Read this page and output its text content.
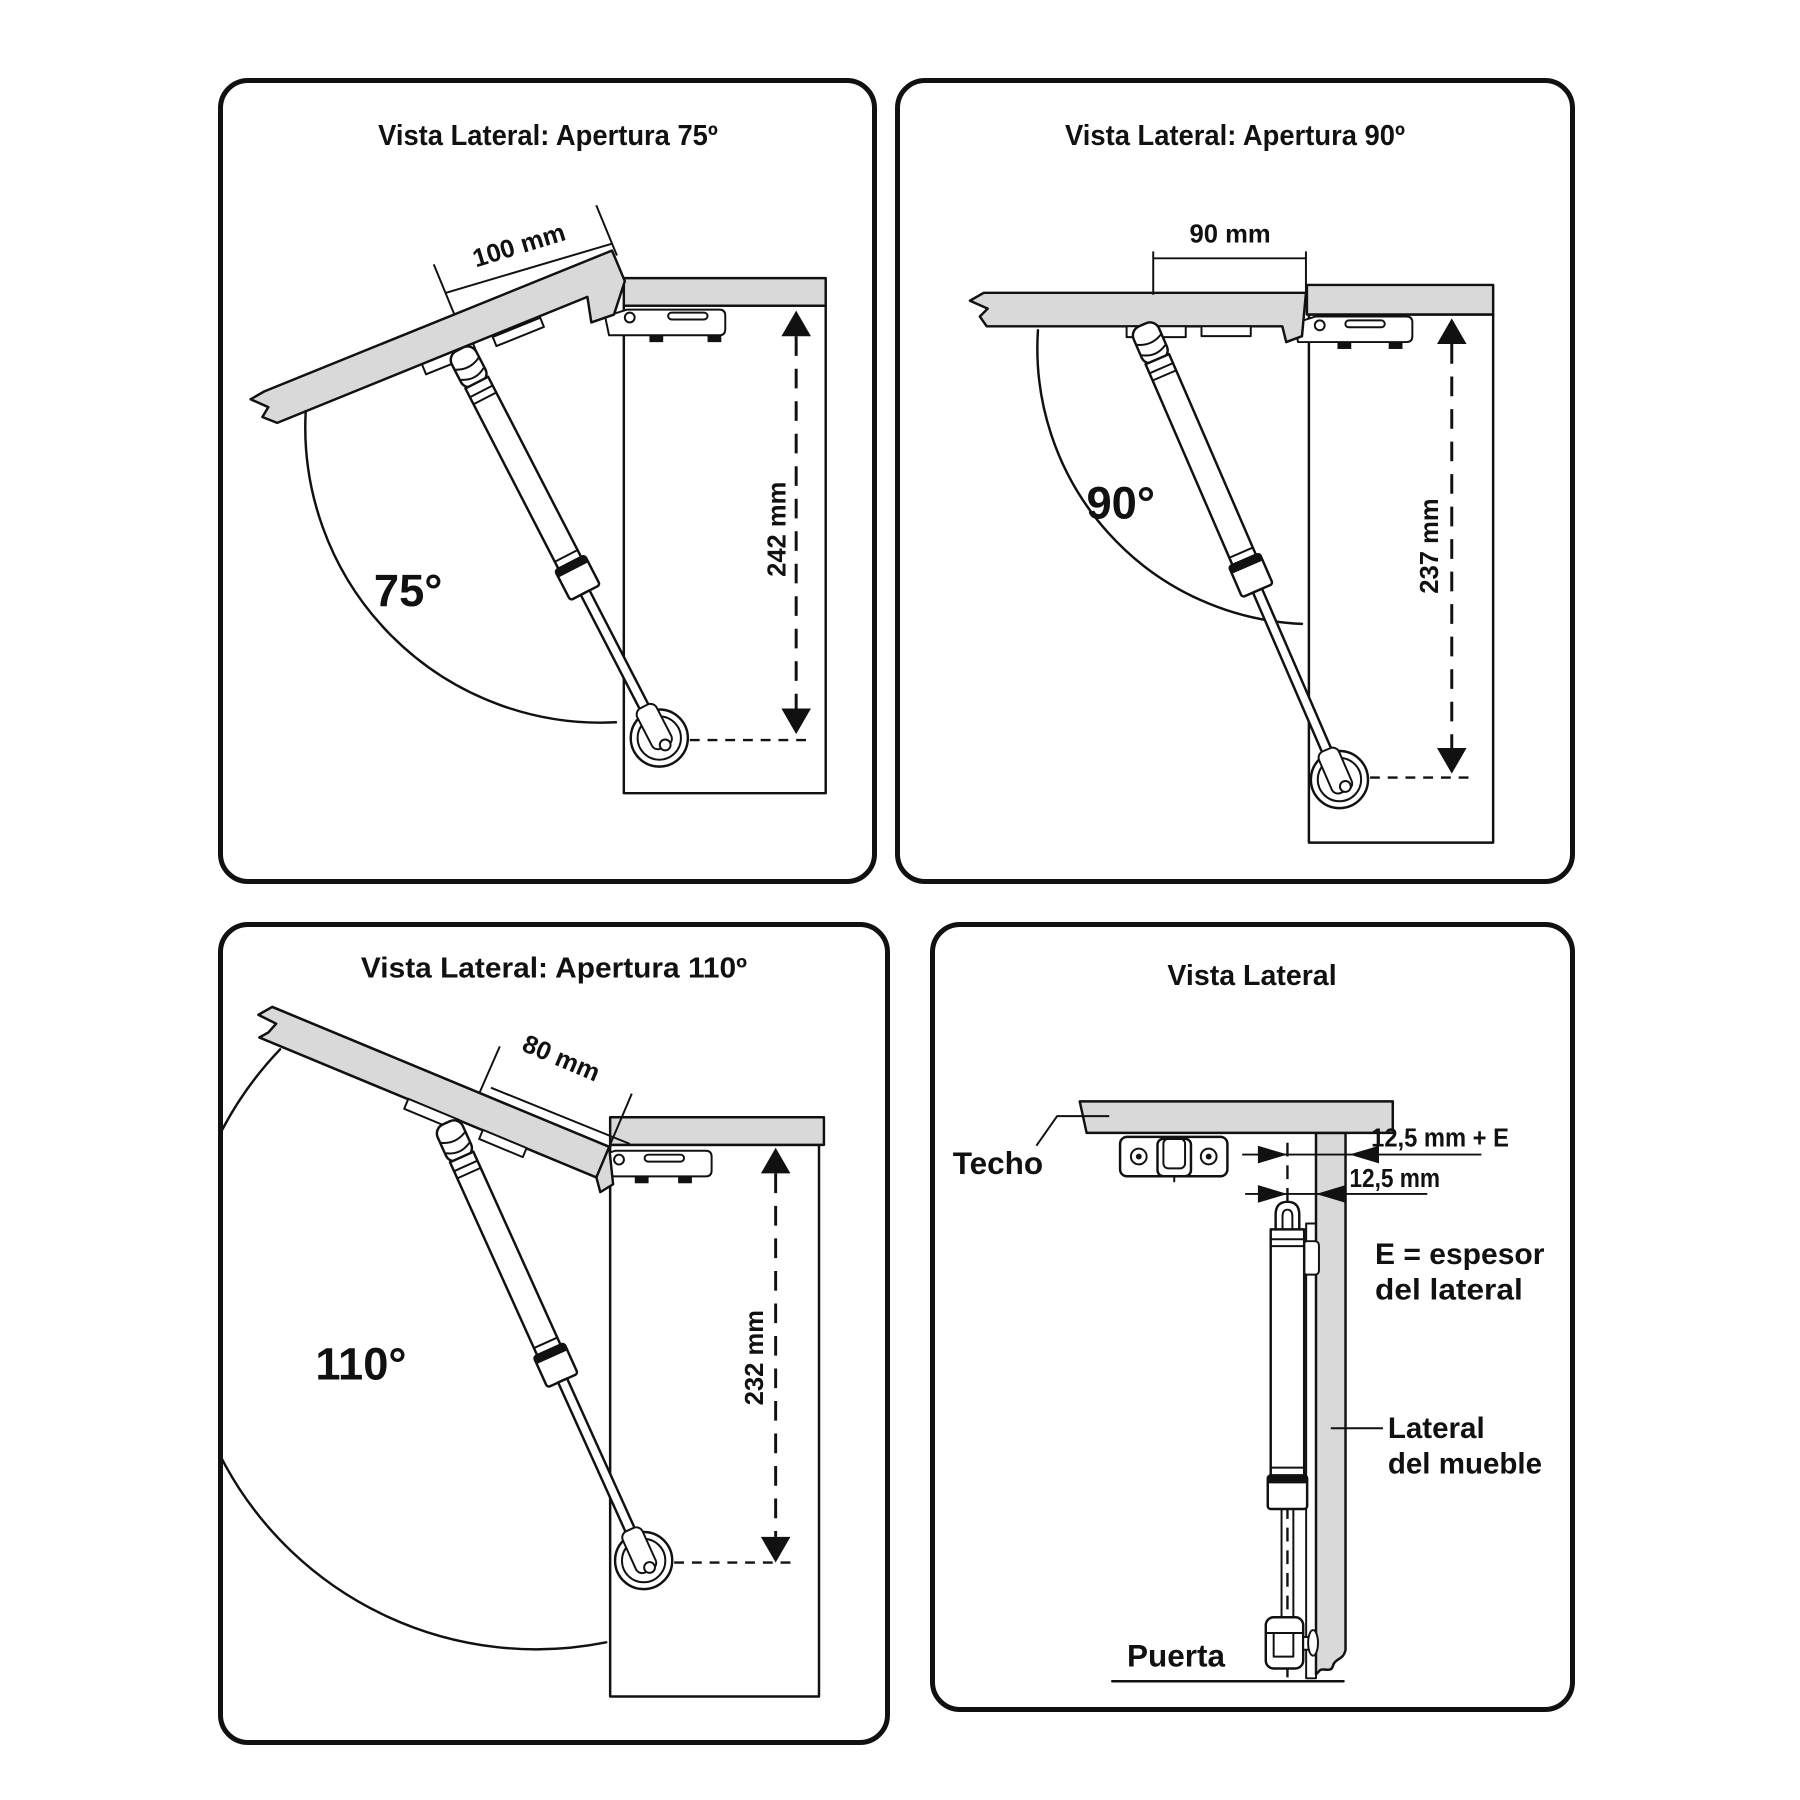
Vista Lateral: Apertura 75º
75°
242 mm
100 mm
Vista Lateral: Apertura 90º
90°	237 mm
90 mm
Vista Lateral: Apertura 110º
110°	232 mm
80 mm
Vista Lateral
12,5 mm + E
12,5 mm
E = espesor
del lateral
Techo
Lateral
del mueble
Puerta
